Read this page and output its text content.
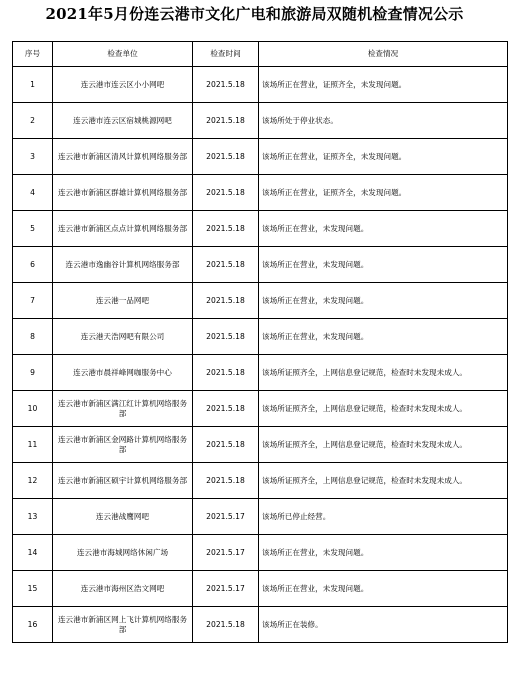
2021年5月份连云港市文化广电和旅游局双随机检查情况公示
序号	检查单位	检查时间	检查情况
1	连云港市连云区小小网吧	2021.5.18	该场所正在营业，证照齐全，未发现问题。
2	连云港市连云区宿城桃源网吧	2021.5.18	该场所处于停业状态。
3	连云港市新浦区清风计算机网络服务部	2021.5.18	该场所正在营业，证照齐全，未发现问题。
4	连云港市新浦区群雄计算机网络服务部	2021.5.18	该场所正在营业，证照齐全，未发现问题。
5	连云港市新浦区点点计算机网络服务部	2021.5.18	该场所正在营业，未发现问题。
6	连云港市逸幽谷计算机网络服务部	2021.5.18	该场所正在营业，未发现问题。
7	连云港一品网吧	2021.5.18	该场所正在营业，未发现问题。
8	连云港天浩网吧有限公司	2021.5.18	该场所正在营业，未发现问题。
9	连云港市晨祥峰网咖服务中心	2021.5.18	该场所证照齐全，上网信息登记规范，检查时未发现未成人。
10	连云港市新浦区满江红计算机网络服务部	2021.5.18	该场所证照齐全，上网信息登记规范，检查时未发现未成人。
11	连云港市新浦区金网路计算机网络服务部	2021.5.18	该场所证照齐全，上网信息登记规范，检查时未发现未成人。
12	连云港市新浦区硕宇计算机网络服务部	2021.5.18	该场所证照齐全，上网信息登记规范，检查时未发现未成人。
13	连云港战鹰网吧	2021.5.17	该场所已停止经营。
14	连云港市海城网络休闲广场	2021.5.17	该场所正在营业，未发现问题。
15	连云港市海州区浩文网吧	2021.5.17	该场所正在营业，未发现问题。
16	连云港市新浦区网上飞计算机网络服务部	2021.5.18	该场所正在装修。
